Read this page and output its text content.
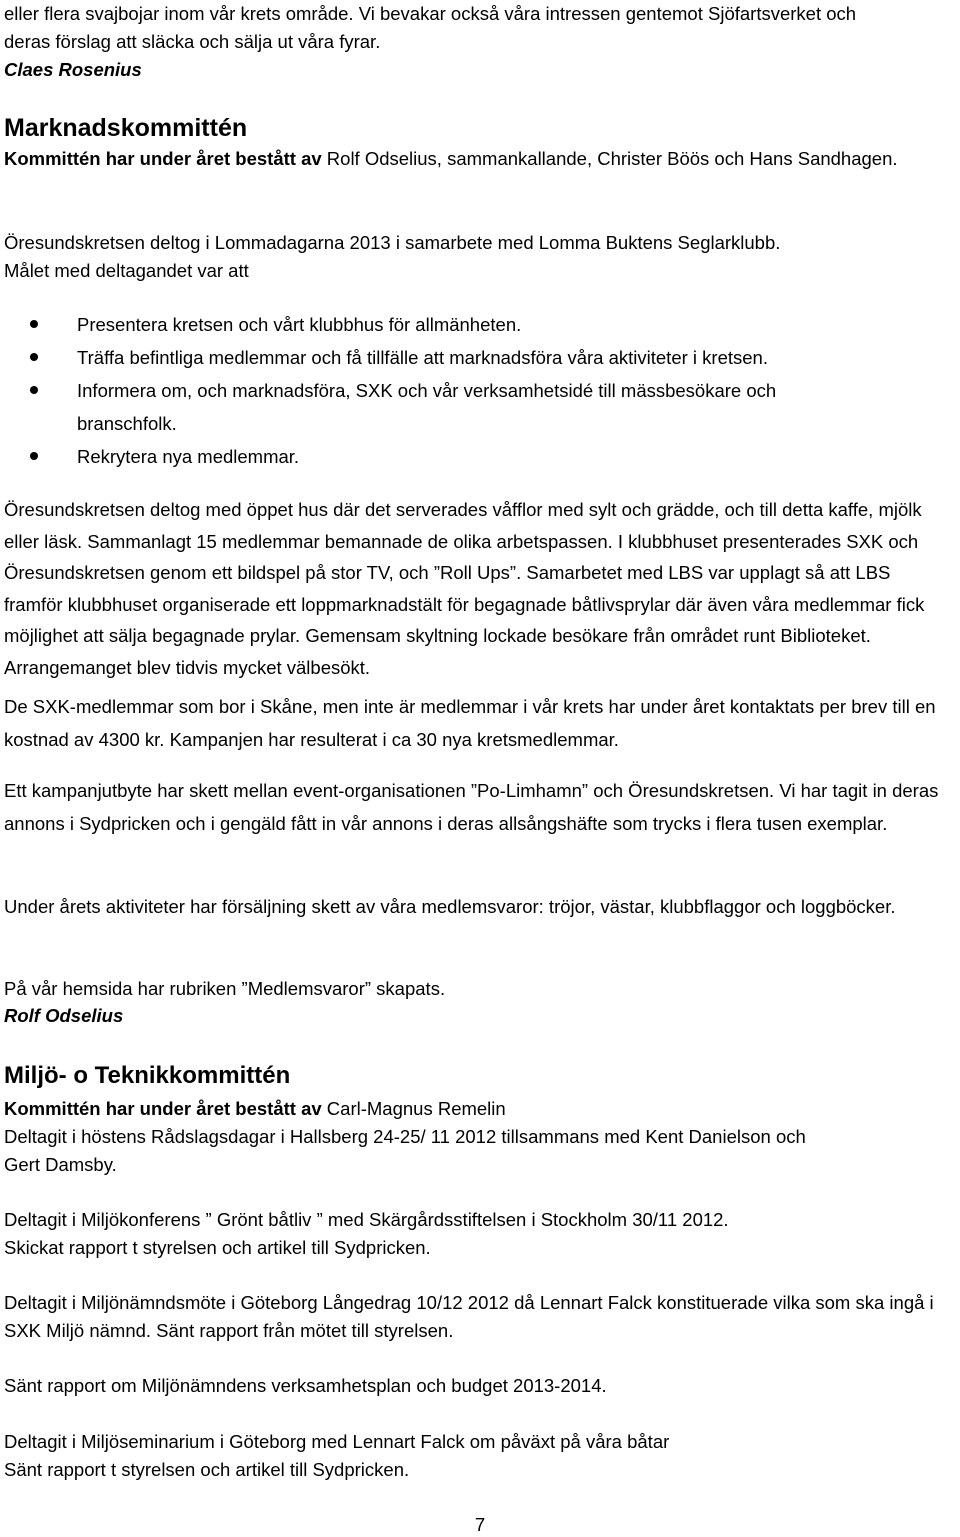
eller flera svajbojar inom vår krets område. Vi bevakar också våra intressen gentemot Sjöfartsverket och

deras förslag att släcka och sälja ut våra fyrar.

Claes Rosenius

Marknadskommittén

Kommittén har under året bestått av Rolf Odselius, sammankallande, Christer Böös och Hans Sandhagen.

Öresundskretsen deltog i Lommadagarna 2013 i samarbete med Lomma Buktens Seglarklubb.

Målet med deltagandet var att

Presentera kretsen och vårt klubbhus för allmänheten.
Träffa befintliga medlemmar och få tillfälle att marknadsföra våra aktiviteter i kretsen.
Informera om, och marknadsföra, SXK och vår verksamhetsidé till mässbesökare och branschfolk.
Rekrytera nya medlemmar.

Öresundskretsen deltog med öppet hus där det serverades våfflor med sylt och grädde, och till detta kaffe, mjölk eller läsk. Sammanlagt 15 medlemmar bemannade de olika arbetspassen. I klubbhuset presenterades SXK och Öresundskretsen genom ett bildspel på stor TV, och ”Roll Ups”. Samarbetet med LBS var upplagt så att LBS framför klubbhuset organiserade ett loppmarknadstält för begagnade båtlivsprylar där även våra medlemmar fick möjlighet att sälja begagnade prylar. Gemensam skyltning lockade besökare från området runt Biblioteket. Arrangemanget blev tidvis mycket välbesökt.

De SXK-medlemmar som bor i Skåne, men inte är medlemmar i vår krets har under året kontaktats per brev till en kostnad av 4300 kr. Kampanjen har resulterat i ca 30 nya kretsmedlemmar.

Ett kampanjutbyte har skett mellan event-organisationen ”Po-Limhamn” och Öresundskretsen. Vi har tagit in deras annons i Sydpricken och i gengäld fått in vår annons i deras allsångshäfte som trycks i flera tusen exemplar.

Under årets aktiviteter har försäljning skett av våra medlemsvaror: tröjor, västar, klubbflaggor och loggböcker.

På vår hemsida har rubriken ”Medlemsvaror” skapats.

Rolf Odselius

Miljö- o Teknikkommittén

Kommittén har under året bestått av Carl-Magnus Remelin

Deltagit i höstens Rådslagsdagar i Hallsberg 24-25/ 11 2012 tillsammans med Kent Danielson och

Gert Damsby.

Deltagit i Miljökonferens ” Grönt båtliv ” med Skärgårdsstiftelsen i Stockholm 30/11 2012.

Skickat rapport t styrelsen och artikel till Sydpricken.

Deltagit i Miljönämndsmöte i Göteborg Långedrag 10/12 2012 då Lennart Falck konstituerade vilka som ska ingå i SXK Miljö nämnd. Sänt rapport från mötet till styrelsen.

Sänt rapport om Miljönämndens verksamhetsplan och budget 2013-2014.

Deltagit i Miljöseminarium i Göteborg med Lennart Falck om påväxt på våra båtar

Sänt rapport t styrelsen och artikel till Sydpricken.

7
